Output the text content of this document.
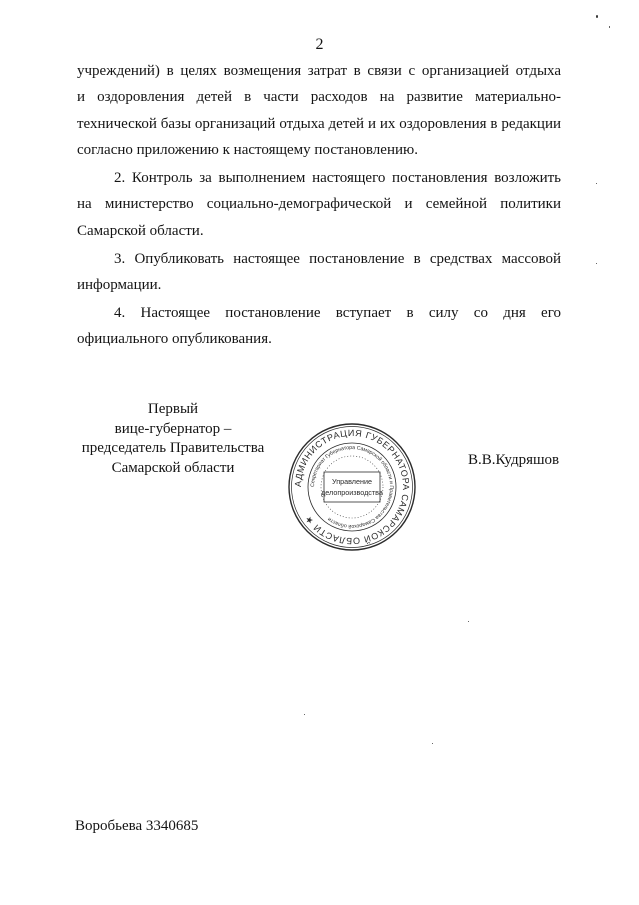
2
учреждений) в целях возмещения затрат в связи с организацией отдыха
и оздоровления детей в части расходов на развитие материально-
технической базы организаций отдыха детей и их оздоровления в редакции
согласно приложению к настоящему постановлению.
2. Контроль за выполнением настоящего постановления возложить
на министерство социально-демографической и семейной политики
Самарской области.
3. Опубликовать настоящее постановление в средствах массовой
информации.
4. Настоящее постановление вступает в силу со дня его
официального опубликования.
Первый
вице-губернатор –
председатель Правительства
Самарской области	В.В.Кудряшов
АДМИНИСТРАЦИЯ ГУБЕРНАТОРА САМАРСКОЙ ОБЛАСТИ ★
Секретариат Губернатора Самарской области и Правительства Самарской области
Управление
делопроизводства
Воробьева 3340685
